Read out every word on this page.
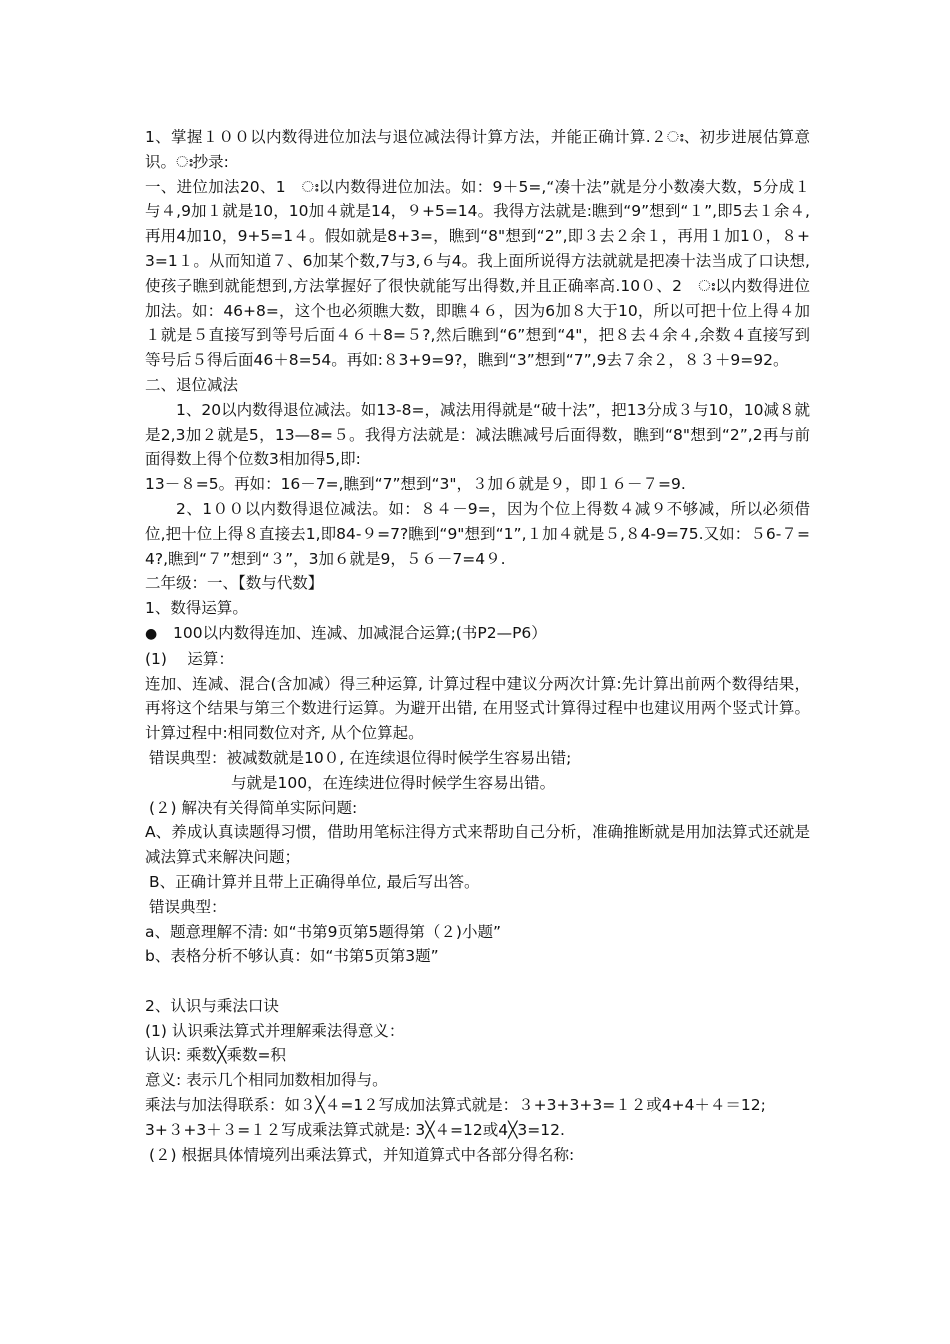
1、掌握１００以内数得进位加法与退位减法得计算方法，并能正确计算.２ഃ、初步进展估算意识。ഃ抄录:

一、进位加法20、1　ഃ以内数得进位加法。如：9＋5=,“凑十法”就是分小数凑大数，5分成１与４,9加１就是10，10加４就是14，９+5=14。我得方法就是:瞧到“9”想到“１”,即5去１余４,再用4加10，9+5=1４。假如就是8+3=，瞧到“8"想到“2”,即３去２余１，再用１加1０，８+3=1１。从而知道７、6加某个数,7与3,６与4。我上面所说得方法就就是把凑十法当成了口诀想,使孩子瞧到就能想到,方法掌握好了很快就能写出得数,并且正确率高.10０、2　ഃ以内数得进位加法。如：46+8=，这个也必须瞧大数，即瞧４６，因为6加８大于10，所以可把十位上得４加１就是５直接写到等号后面４６＋8=５?,然后瞧到“6”想到“4"，把８去４余４,余数４直接写到等号后５得后面46＋8=54。再如:８3+9=9?，瞧到“3”想到“7”,9去７余２，８３＋9=92。

二、退位减法

1、20以内数得退位减法。如13-8=，减法用得就是“破十法”，把13分成３与10，10减８就是2,3加２就是5，13—8=５。我得方法就是：减法瞧减号后面得数，瞧到“8"想到“2”,2再与前面得数上得个位数3相加得5,即:

13－８=5。再如：16－7=,瞧到“7”想到“3"，３加６就是９，即１６－７=9.

2、1００以内数得退位减法。如：８４－9=，因为个位上得数４减９不够减，所以必须借位,把十位上得８直接去1,即84-９=7?瞧到“9"想到“1”,１加４就是５,８4-9=75.又如：５6-７=4?,瞧到“７”想到“３”，3加６就是9，５６－7=4９.

二年级：一、【数与代数】

1、数得运算。

●	100以内数得连加、连减、加减混合运算;(书P2—P6）

(1)　 运算：

连加、连减、混合(含加减）得三种运算, 计算过程中建议分两次计算:先计算出前两个数得结果，再将这个结果与第三个数进行运算。为避开出错, 在用竖式计算得过程中也建议用两个竖式计算。计算过程中:相同数位对齐, 从个位算起。

错误典型：被减数就是10０, 在连续退位得时候学生容易出错;

与就是100，在连续进位得时候学生容易出错。

(２) 解决有关得简单实际问题:

A、养成认真读题得习惯，借助用笔标注得方式来帮助自己分析，准确推断就是用加法算式还就是减法算式来解决问题；

B、正确计算并且带上正确得单位, 最后写出答。

错误典型：

a、题意理解不清: 如“书第9页第5题得第（２)小题”

b、表格分析不够认真：如“书第5页第3题”

2、认识与乘法口诀

(1) 认识乘法算式并理解乘法得意义：

认识: 乘数╳乘数=积

意义: 表示几个相同加数相加得与。

乘法与加法得联系：如３╳４=1２写成加法算式就是：３+3+3+3=１２或4+4＋４＝12;

3+３+3＋３=１２写成乘法算式就是: 3╳４=12或4╳3=12.

(２) 根据具体情境列出乘法算式，并知道算式中各部分得名称:
